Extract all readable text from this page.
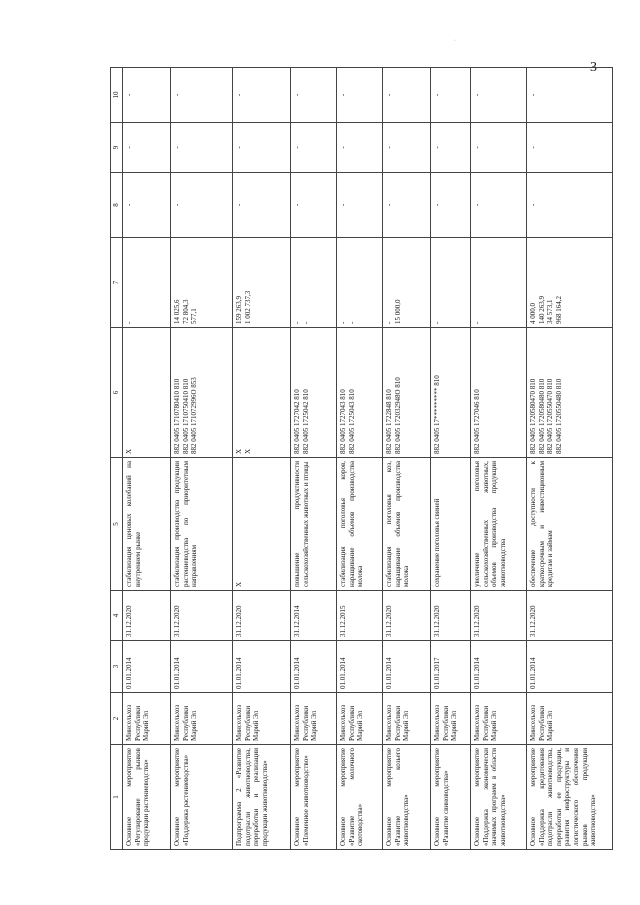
3
·
1	2	3	4	5	6	7	8	9	10
Основное мероприятие «Регулирование рынков продукции растениеводства»	Минсельхоз Республики Марий Эл	01.01.2014	31.12.2020	стабилизация ценовых колебаний на внутреннем рынке	X	-	-	-	-
Основное мероприятие «Поддержка растениеводства»	Минсельхоз Республики Марий Эл	01.01.2014	31.12.2020	стабилизация производства продукции растениеводства по приоритетным направлениям	882 0405 1710780410 810 882 0405 1710750410 810 882 0405 171072996О 853	14 025,6 72 804,3 577,1	-	-	-
Подпрограмма 2 «Развитие подотрасли животноводства, переработки и реализации продукции животноводства»	Минсельхоз Республики Марий Эл	01.01.2014	31.12.2020	X	X X	159 263,9 1 002 737,3	-	-	-
Основное мероприятие «Племенное животноводство»	Минсельхоз Республики Марий Эл	01.01.2014	31.12.2014	повышение продуктивности сельскохозяйственных животных и птицы	882 0405 1727042 810 882 0405 1725042 810	- -	-	-	-
Основное мероприятие «Развитие молочного скотоводства»	Минсельхоз Республики Марий Эл	01.01.2014	31.12.2015	стабилизация поголовья коров, наращивание объемов производства молока	882 0405 1727043 810 882 0405 1725043 810	- -	-	-	-
Основное мероприятие «Развитие козьего животноводства»	Минсельхоз Республики Марий Эл	01.01.2014	31.12.2020	стабилизация поголовья коз, наращивание объемов производства молока	882 0405 1722848 810 882 0405 172032948О 810	- 15 000,0	-	-	-
Основное мероприятие «Развитие свиноводства»	Минсельхоз Республики Марий Эл	01.01.2017	31.12.2020	сохранение поголовья свиней	882 0405 17********* 810	-	-	-	-
Основное мероприятие «Поддержка экономически значимых программ в области животноводства»	Минсельхоз Республики Марий Эл	01.01.2014	31.12.2020	увеличение поголовья сельскохозяйственных животных, объемов производства продукции животноводства	882 0405 1727046 810	-	-	-	-
Основное мероприятие «Поддержка кредитования подотрасли животноводства, переработки ее продукции, развития инфраструктуры и логистического обеспечения рынков продукции животноводства»	Минсельхоз Республики Марий Эл	01.01.2014	31.12.2020	обеспечение доступности к краткосрочным и инвестиционным кредитам и займам	882 0405 1720580470 810 882 0405 1720580480 810 882 0405 1720550470 810 882 0405 1720550480 810	4 000,0 140 263,9 34 573,1 968 164,2	-	-	-
